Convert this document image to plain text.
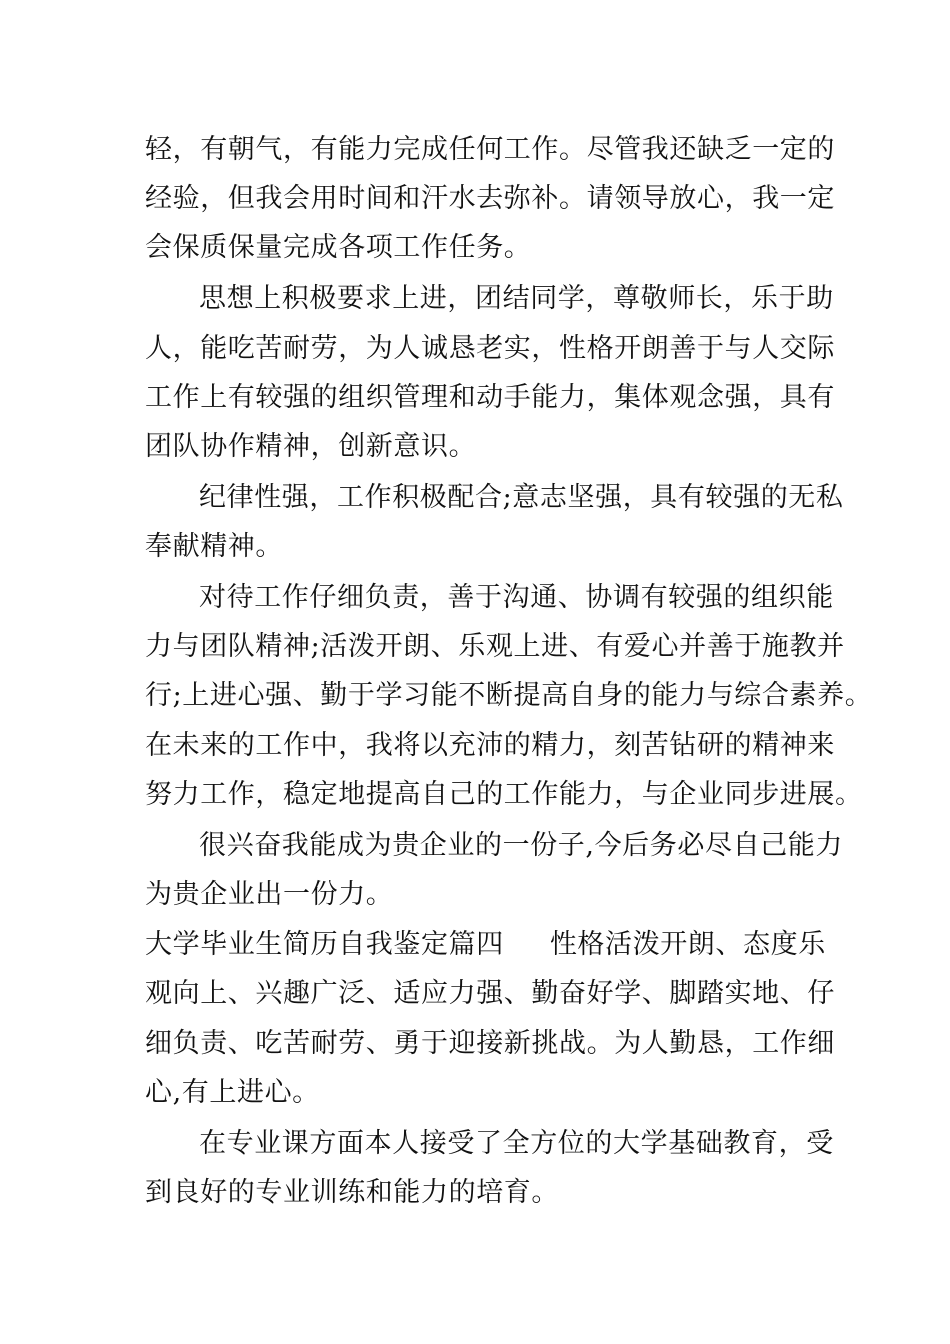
轻，有朝气，有能力完成任何工作。尽管我还缺乏一定的
经验，但我会用时间和汗水去弥补。请领导放心，我一定
会保质保量完成各项工作任务。
思想上积极要求上进，团结同学，尊敬师长，乐于助
人，能吃苦耐劳，为人诚恳老实，性格开朗善于与人交际
工作上有较强的组织管理和动手能力，集体观念强，具有
团队协作精神，创新意识。
纪律性强，工作积极配合;意志坚强，具有较强的无私
奉献精神。
对待工作仔细负责，善于沟通、协调有较强的组织能
力与团队精神;活泼开朗、乐观上进、有爱心并善于施教并
行;上进心强、勤于学习能不断提高自身的能力与综合素养。
在未来的工作中，我将以充沛的精力，刻苦钻研的精神来
努力工作，稳定地提高自己的工作能力，与企业同步进展。
很兴奋我能成为贵企业的一份子,今后务必尽自己能力
为贵企业出一份力。
大学毕业生简历自我鉴定篇四 性格活泼开朗、态度乐
观向上、兴趣广泛、适应力强、勤奋好学、脚踏实地、仔
细负责、吃苦耐劳、勇于迎接新挑战。为人勤恳，工作细
心,有上进心。
在专业课方面本人接受了全方位的大学基础教育，受
到良好的专业训练和能力的培育。
